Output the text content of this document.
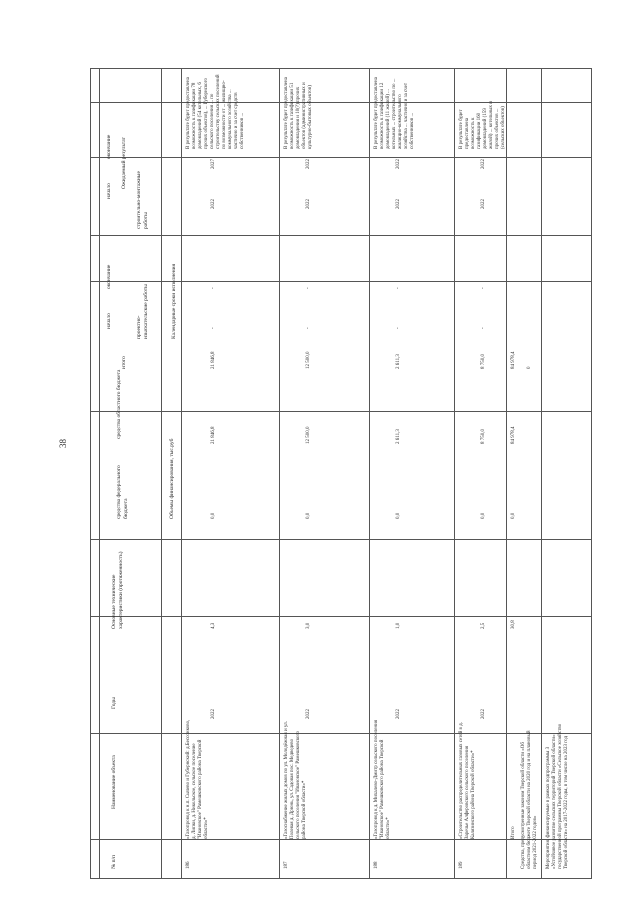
38
№ п/п
Наименование объекта
Годы
Основные технические характеристики (протяженность)
Объемы финансирования, тыс.руб
средства федерального бюджета
средства областного бюджета
итого
Календарные сроки исполнения
проектно-изыскательские работы
строительно-монтажные работы
начало
окончание
начало
окончание Ожидаемый результат
186
«Газопровод к н.п. Сычево и Губернский: д.Бессонково, д. Липки, д. Никольское, сельское поселение "Ивановское" Рамешковского района Тверской области»*
2022
4,3
0,0
21 846,8
21 846,8
-
-
2022
2027
В результате будет предоставлена возможность к газификации 78 домовладений (54 котельных, 6 прочих объектов), ... Губернского сельского поселения ... по строительству сельских поселений по возможности от ... жилищно-коммунального хозяйства ... частично и за счет средств собственников ...
187
«Газоснабжение жилых домов по ул. Молодёжная и ул. Полевая д. Дрюнь, ул. Садовая пос. Медведево сельского поселения "Ивановское" Рамешковского района Тверской области»*
2022
3,0
0,0
12 500,0
12 500,0
-
-
2022
2022
В результате будет предоставлена возможность к газификации 51 домовладения и 10(?) прочих объектов (административных и культурно-бытовых объектов)
188
«Газопровод к д. Михалево-Дмитр сельского поселения "Ивановское" Рамешковского района Тверской области»*
2022
1,0
0,0
2 611,3
2 611,3
-
-
2022
2022
В результате будет предоставлена возможность к газификации 12 домовладений (11 жилой) ... котельных ... строительство по ... жилищно-коммунального хозяйства ... частично и за счет собственников ...
189
«Строительство распределительных газовых сетей в д. Заречье Алферовского сельского поселения Калязинского района Тверской области»*
2022
2,5
0,0
8 750,0
8 750,0
-
-
2022
2022
В результате будет предоставлена возможность к газификации 160 домовладений (159 жилой) ... котельных и прочих объектов ... (сельских объектов)
Итого
30,8
0,0
84 978,4
84 978,4
Средства, предусмотренные законом Тверской области «Об областном бюджете Тверской области на 2020 год и на плановый период 2021-2022 годов»
0
Мероприятия, финансируемые в рамках подпрограммы 3 «Устойчивое развитие сельских территорий Тверской области» государственной программы Тверской области «Сельское хозяйство Тверской области» на 2017-2022 годы, в том числе на 2023 год
